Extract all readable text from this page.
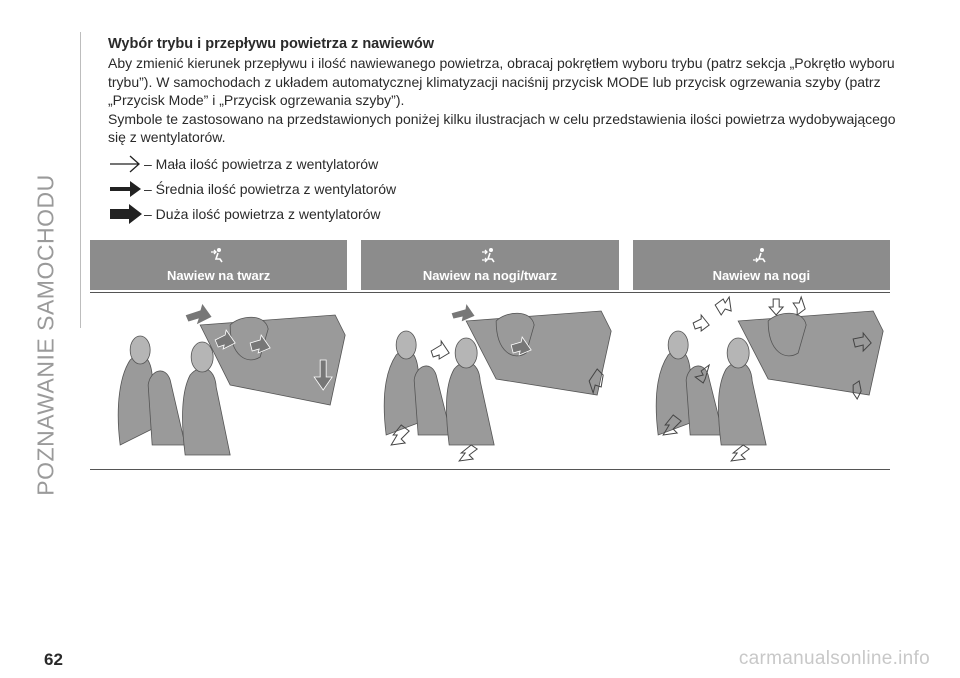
POZNAWANIE SAMOCHODU
Wybór trybu i przepływu powietrza z nawiewów

Aby zmienić kierunek przepływu i ilość nawiewanego powietrza, obracaj pokrętłem wyboru trybu (patrz sekcja „Pokrętło wyboru trybu”). W samochodach z układem automatycznej klimatyzacji naciśnij przycisk MODE lub przycisk ogrzewania szyby (patrz „Przycisk Mode” i „Przycisk ogrzewania szyby”).

Symbole te zastosowano na przedstawionych poniżej kilku ilustracjach w celu przedstawienia ilości powietrza wydobywającego się z wentylatorów.

– Mała ilość powietrza z wentylatorów
– Średnia ilość powietrza z wentylatorów
– Duża ilość powietrza z wentylatorów
Nawiew na twarz	Nawiew na nogi/twarz	Nawiew na nogi
62	carmanualsonline.info
